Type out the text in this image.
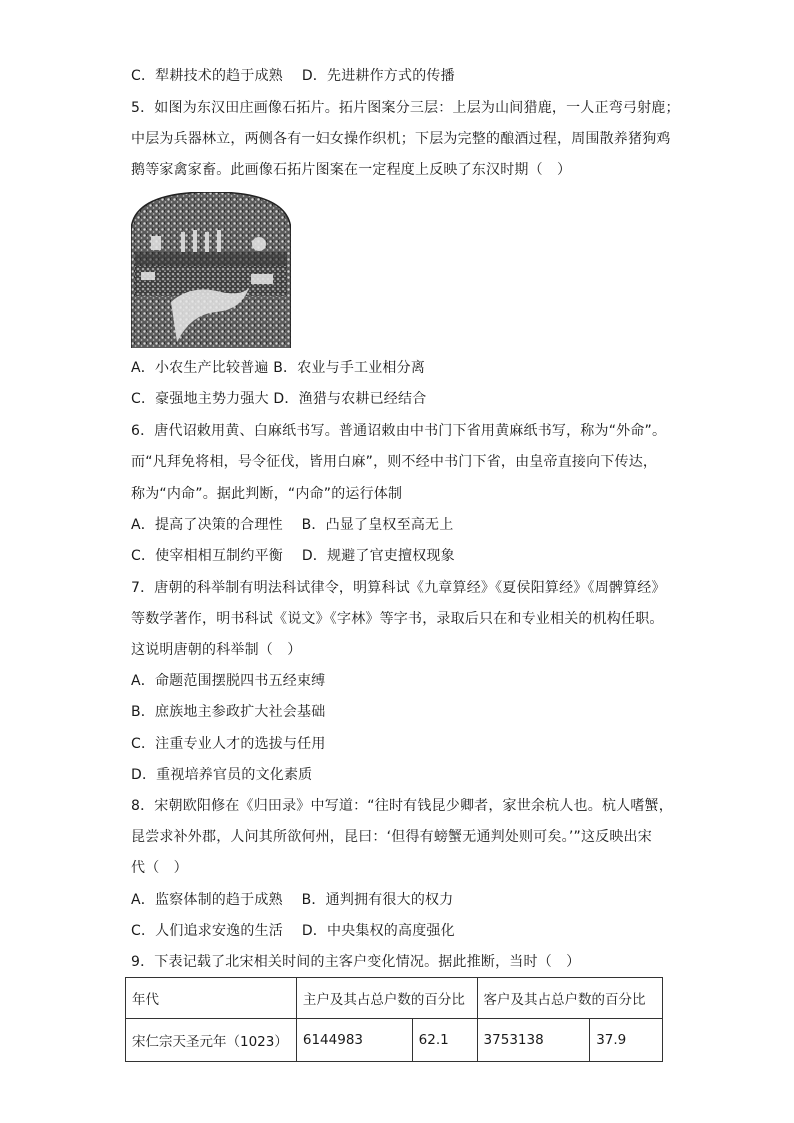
C．犁耕技术的趋于成熟　 D．先进耕作方式的传播
5．如图为东汉田庄画像石拓片。拓片图案分三层：上层为山间猎鹿，一人正弯弓射鹿；
中层为兵器林立，两侧各有一妇女操作织机；下层为完整的酿酒过程，周围散养猪狗鸡
鹅等家禽家畜。此画像石拓片图案在一定程度上反映了东汉时期（　）
A．小农生产比较普遍 B．农业与手工业相分离
C．豪强地主势力强大 D．渔猎与农耕已经结合
6．唐代诏敕用黄、白麻纸书写。普通诏敕由中书门下省用黄麻纸书写，称为“外命”。
而“凡拜免将相，号令征伐，皆用白麻”，则不经中书门下省，由皇帝直接向下传达，
称为“内命”。据此判断，“内命”的运行体制
A．提高了决策的合理性　 B．凸显了皇权至高无上
C．使宰相相互制约平衡　 D．规避了官吏擅权现象
7．唐朝的科举制有明法科试律令，明算科试《九章算经》《夏侯阳算经》《周髀算经》
等数学著作，明书科试《说文》《字林》等字书，录取后只在和专业相关的机构任职。
这说明唐朝的科举制（　）
A．命题范围摆脱四书五经束缚
B．庶族地主参政扩大社会基础
C．注重专业人才的选拔与任用
D．重视培养官员的文化素质
8．宋朝欧阳修在《归田录》中写道：“往时有钱昆少卿者，家世余杭人也。杭人嗜蟹，
昆尝求补外郡，人问其所欲何州，昆曰：‘但得有螃蟹无通判处则可矣。’”这反映出宋
代（　）
A．监察体制的趋于成熟　 B．通判拥有很大的权力
C．人们追求安逸的生活　 D．中央集权的高度强化
9．下表记载了北宋相关时间的主客户变化情况。据此推断，当时（　）
年代	主户及其占总户数的百分比		客户及其占总户数的百分比	
宋仁宗天圣元年（1023）	6144983	62.1	3753138	37.9
